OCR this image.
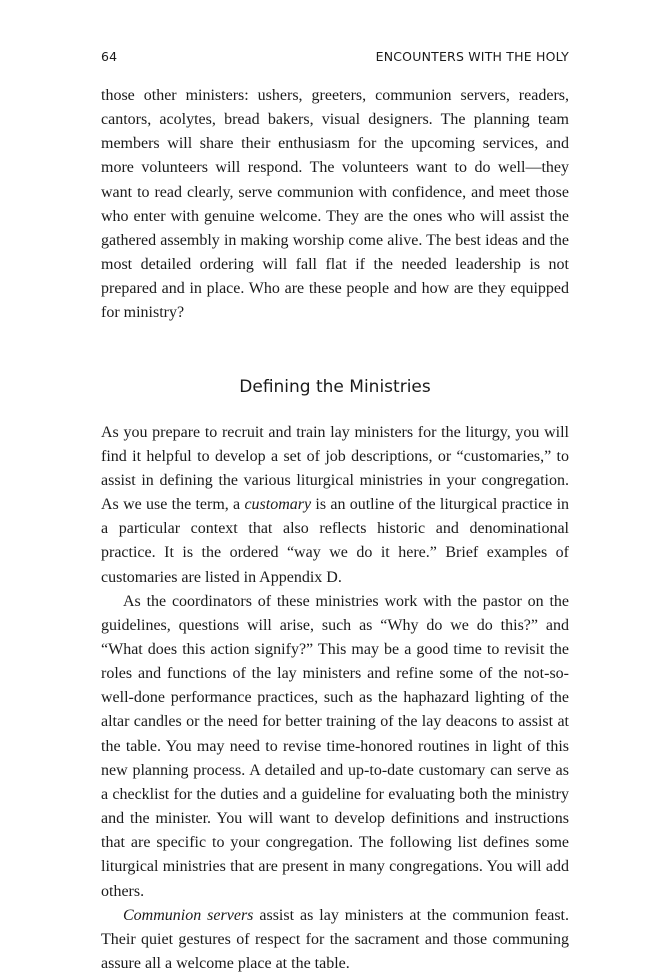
64	ENCOUNTERS WITH THE HOLY

those other ministers: ushers, greeters, communion servers, readers, cantors, acolytes, bread bakers, visual designers. The planning team members will share their enthusiasm for the upcoming services, and more volunteers will respond. The volunteers want to do well—they want to read clearly, serve communion with confidence, and meet those who enter with genuine welcome. They are the ones who will assist the gathered assembly in making worship come alive. The best ideas and the most detailed ordering will fall flat if the needed leadership is not prepared and in place. Who are these people and how are they equipped for ministry?

Defining the Ministries

As you prepare to recruit and train lay ministers for the liturgy, you will find it helpful to develop a set of job descriptions, or “customaries,” to assist in defining the various liturgical ministries in your congregation. As we use the term, a customary is an outline of the liturgical practice in a particular context that also reflects historic and denominational practice. It is the ordered “way we do it here.” Brief examples of customaries are listed in Appendix D.

As the coordinators of these ministries work with the pastor on the guidelines, questions will arise, such as “Why do we do this?” and “What does this action signify?” This may be a good time to revisit the roles and functions of the lay ministers and refine some of the not-so-well-done performance practices, such as the haphazard lighting of the altar candles or the need for better training of the lay deacons to assist at the table. You may need to revise time-honored routines in light of this new planning process. A detailed and up-to-date customary can serve as a checklist for the duties and a guideline for evaluating both the ministry and the minister. You will want to develop definitions and instructions that are specific to your congregation. The following list defines some liturgical ministries that are present in many congregations. You will add others.

Communion servers assist as lay ministers at the communion feast. Their quiet gestures of respect for the sacrament and those communing assure all a welcome place at the table.
